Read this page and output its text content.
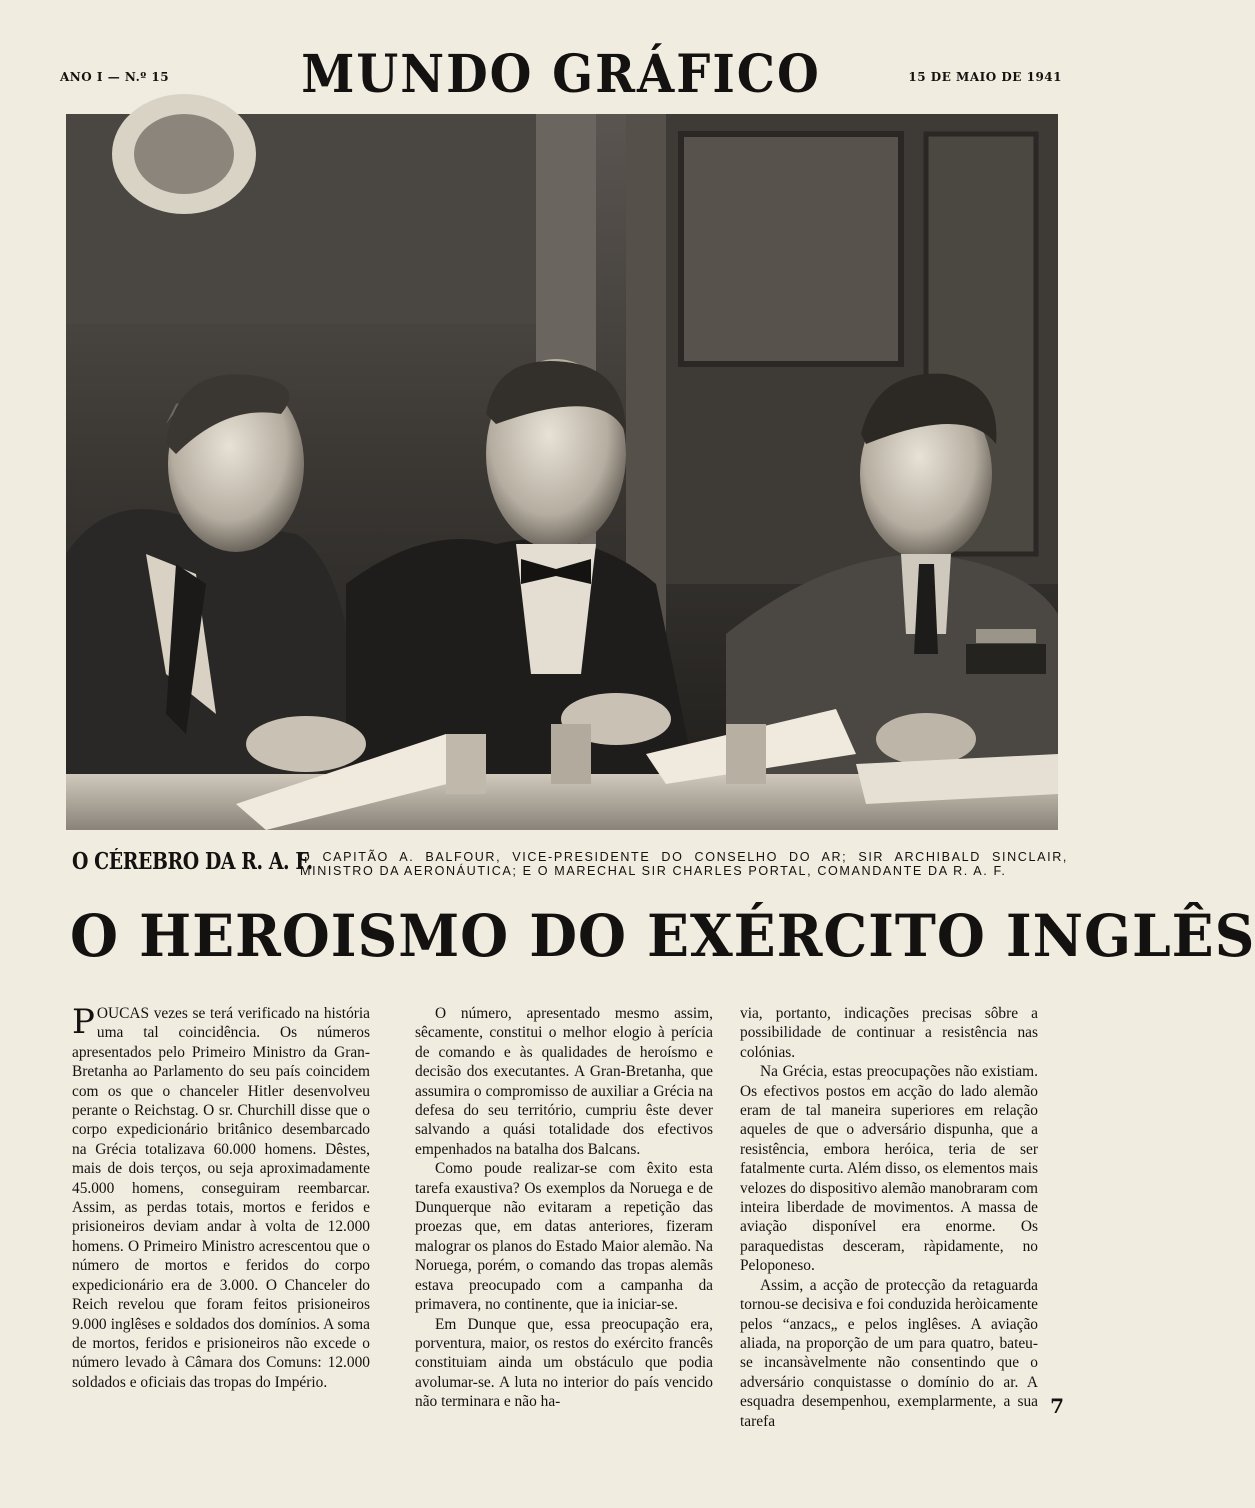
ANO I — N.º 15	MUNDO GRÁFICO	15 DE MAIO DE 1941
O CÉREBRO DA R. A. F.
O CAPITÃO A. BALFOUR, VICE-PRESIDENTE DO CONSELHO DO AR; SIR ARCHIBALD SINCLAIR, MINISTRO DA AERONÁUTICA; E O MARECHAL SIR CHARLES PORTAL, COMANDANTE DA R. A. F.
O HEROISMO DO EXÉRCITO INGLÊS

POUCAS vezes se terá verificado na história uma tal coincidência. Os números apresentados pelo Primeiro Ministro da Gran-Bretanha ao Parlamento do seu país coincidem com os que o chanceler Hitler desenvolveu perante o Reichstag. O sr. Churchill disse que o corpo expedicionário britânico desembarcado na Grécia totalizava 60.000 homens. Dêstes, mais de dois terços, ou seja aproximadamente 45.000 homens, conseguiram reembarcar. Assim, as perdas totais, mortos e feridos e prisioneiros deviam andar à volta de 12.000 homens. O Primeiro Ministro acrescentou que o número de mortos e feridos do corpo expedicionário era de 3.000. O Chanceler do Reich revelou que foram feitos prisioneiros 9.000 inglêses e soldados dos domínios. A soma de mortos, feridos e prisioneiros não excede o número levado à Câmara dos Comuns: 12.000 soldados e oficiais das tropas do Império.

O número, apresentado mesmo assim, sêcamente, constitui o melhor elogio à perícia de comando e às qualidades de heroísmo e decisão dos executantes. A Gran-Bretanha, que assumira o compromisso de auxiliar a Grécia na defesa do seu território, cumpriu êste dever salvando a quási totalidade dos efectivos empenhados na batalha dos Balcans.

Como poude realizar-se com êxito esta tarefa exaustiva? Os exemplos da Noruega e de Dunquerque não evitaram a repetição das proezas que, em datas anteriores, fizeram malograr os planos do Estado Maior alemão. Na Noruega, porém, o comando das tropas alemãs estava preocupado com a campanha da primavera, no continente, que ia iniciar-se.

Em Dunque que, essa preocupação era, porventura, maior, os restos do exército francês constituiam ainda um obstáculo que podia avolumar-se. A luta no interior do país vencido não terminara e não ha-

via, portanto, indicações precisas sôbre a possibilidade de continuar a resistência nas colónias.

Na Grécia, estas preocupações não existiam. Os efectivos postos em acção do lado alemão eram de tal maneira superiores em relação aqueles de que o adversário dispunha, que a resistência, embora heróica, teria de ser fatalmente curta. Além disso, os elementos mais velozes do dispositivo alemão manobraram com inteira liberdade de movimentos. A massa de aviação disponível era enorme. Os paraquedistas desceram, ràpidamente, no Peloponeso.

Assim, a acção de protecção da retaguarda tornou-se decisiva e foi conduzida heròicamente pelos “anzacs„ e pelos inglêses. A aviação aliada, na proporção de um para quatro, bateu-se incansàvelmente não consentindo que o adversário conquistasse o domínio do ar. A esquadra desempenhou, exemplarmente, a sua tarefa

7
